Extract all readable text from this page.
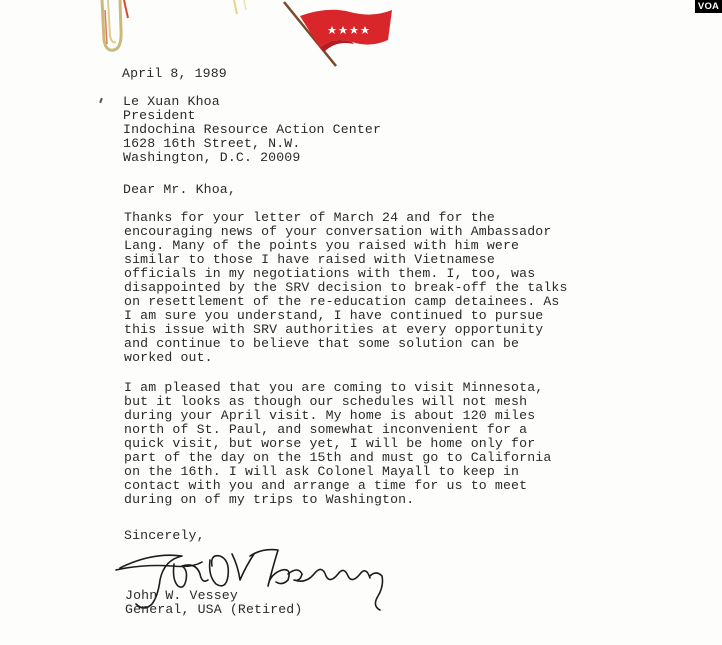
VOA
April 8, 1989
Le Xuan Khoa
President
Indochina Resource Action Center
1628 16th Street, N.W.
Washington, D.C. 20009
Dear Mr. Khoa,
Thanks for your letter of March 24 and for the
encouraging news of your conversation with Ambassador
Lang. Many of the points you raised with him were
similar to those I have raised with Vietnamese
officials in my negotiations with them. I, too, was
disappointed by the SRV decision to break-off the talks
on resettlement of the re-education camp detainees. As
I am sure you understand, I have continued to pursue
this issue with SRV authorities at every opportunity
and continue to believe that some solution can be
worked out.
I am pleased that you are coming to visit Minnesota,
but it looks as though our schedules will not mesh
during your April visit. My home is about 120 miles
north of St. Paul, and somewhat inconvenient for a
quick visit, but worse yet, I will be home only for
part of the day on the 15th and must go to California
on the 16th. I will ask Colonel Mayall to keep in
contact with you and arrange a time for us to meet
during on of my trips to Washington.
Sincerely,
John W. Vessey
General, USA (Retired)
